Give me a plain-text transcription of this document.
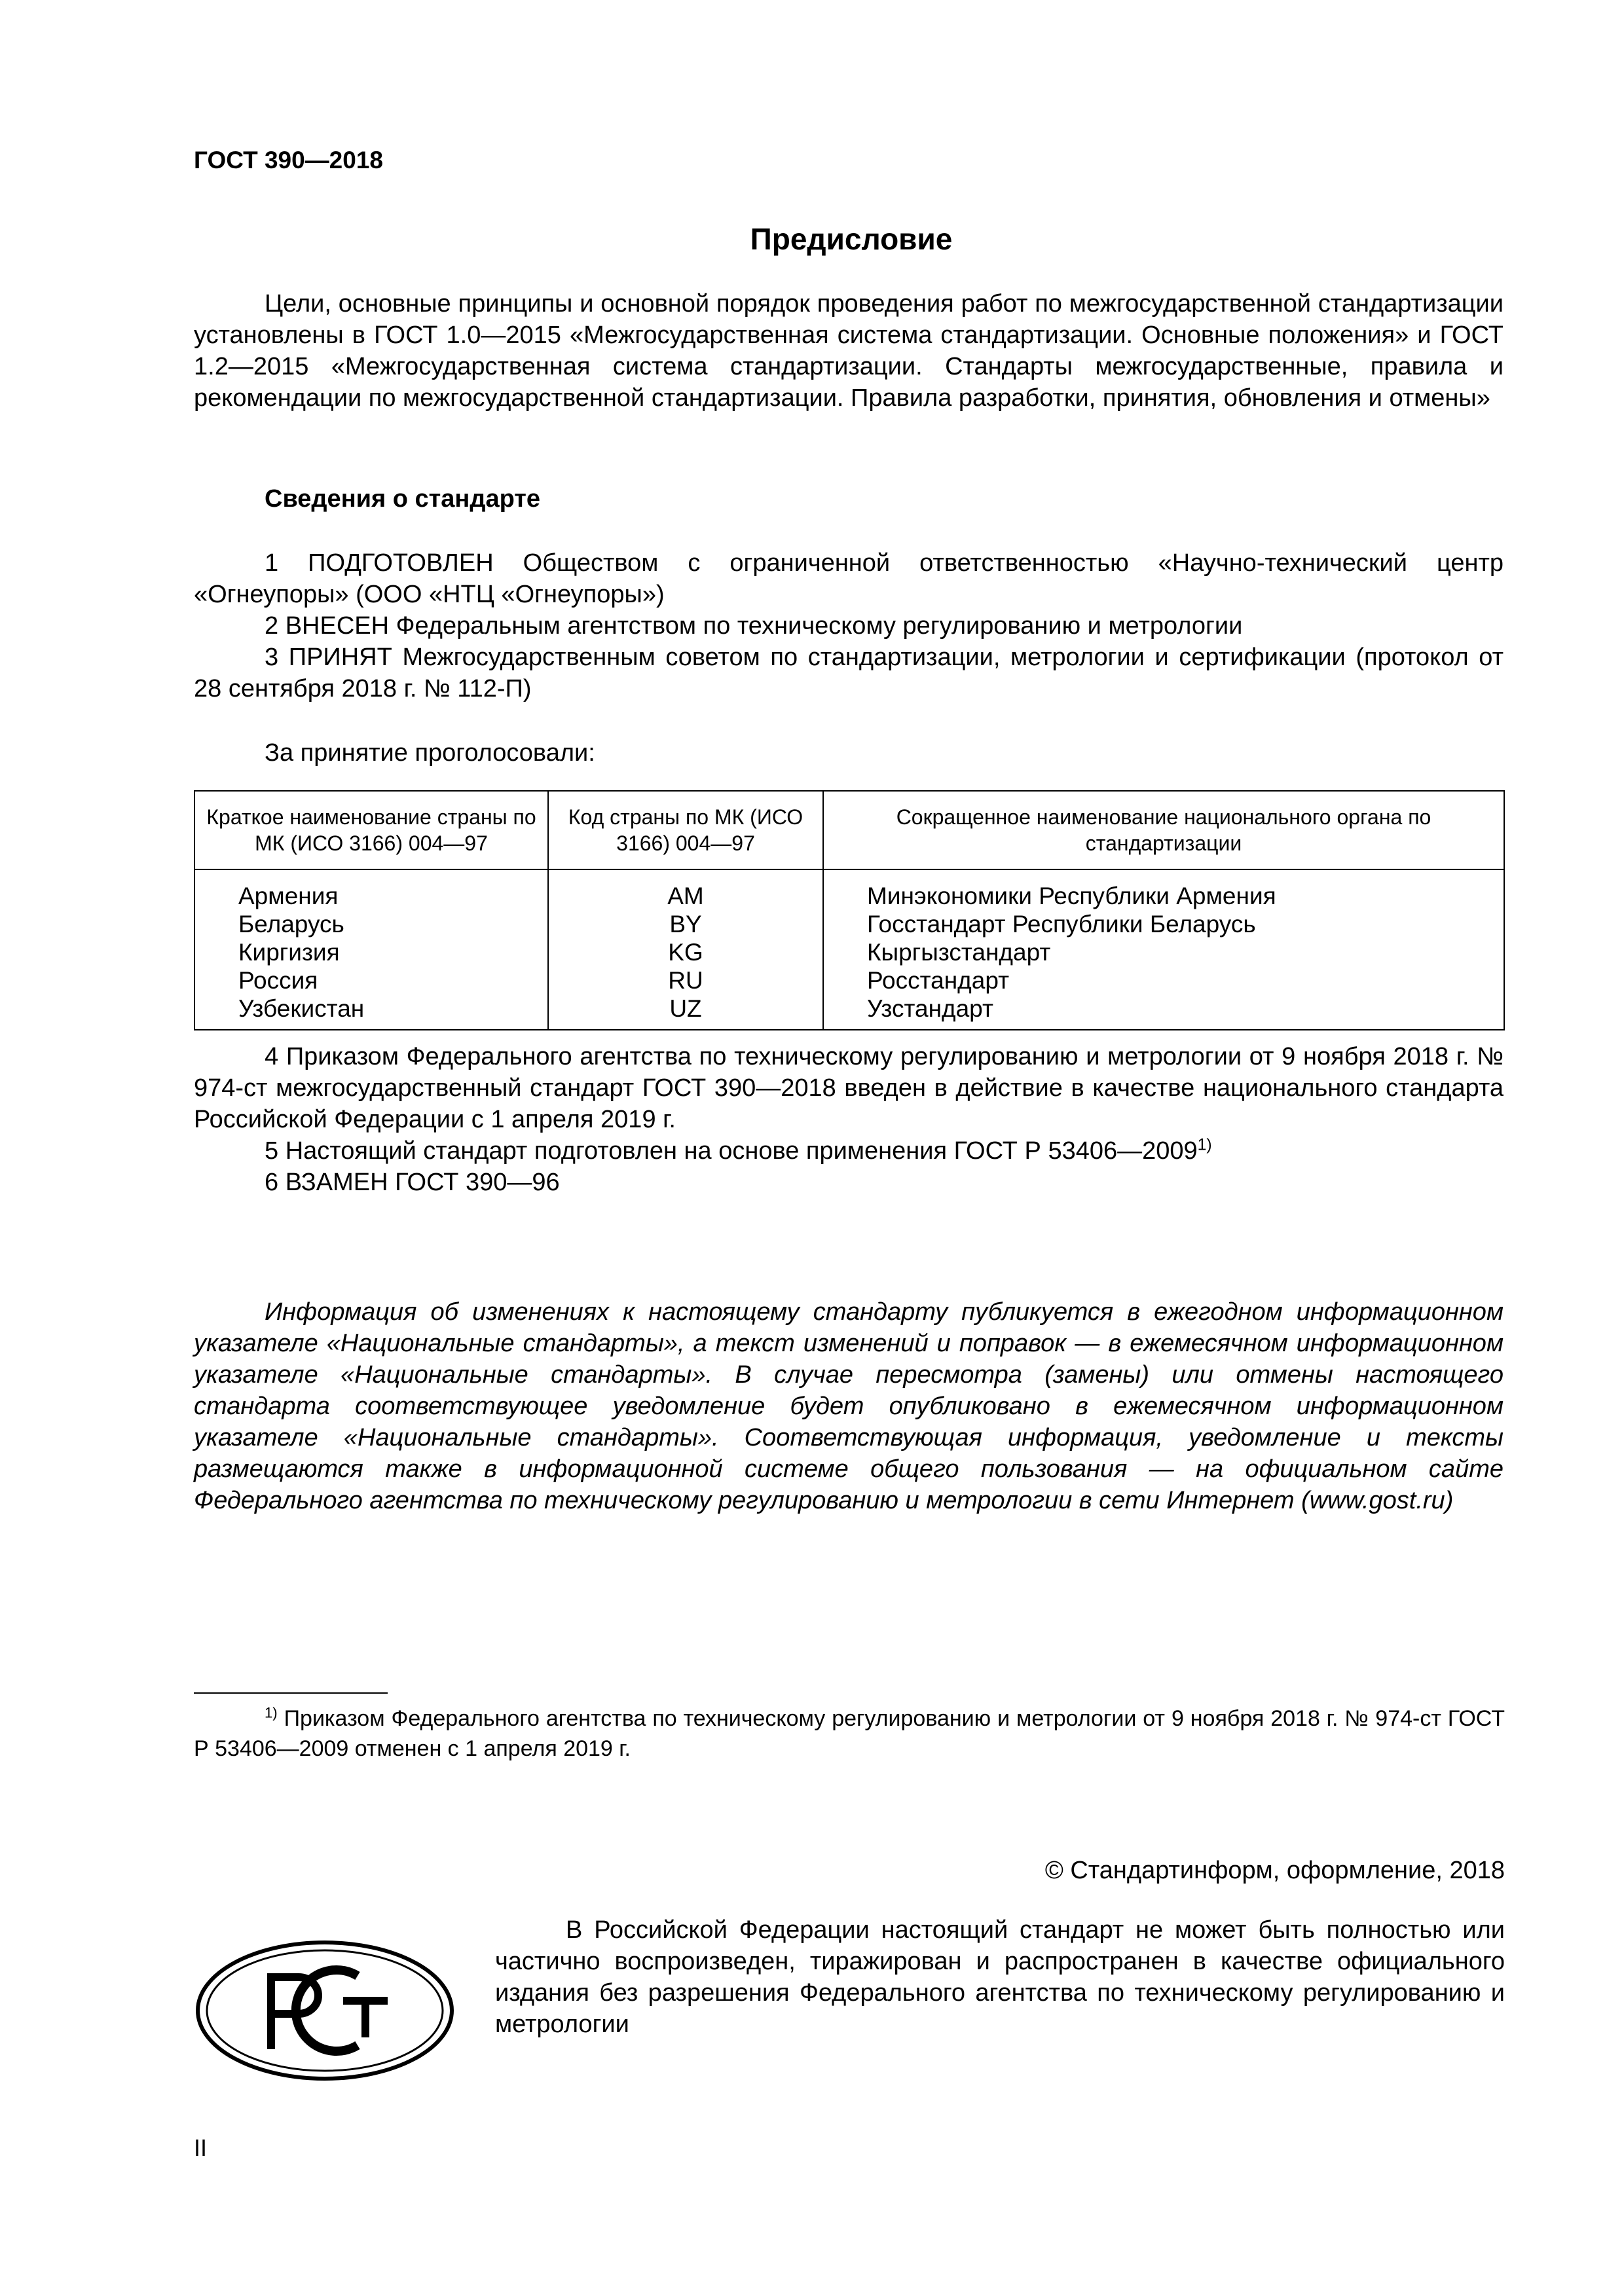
ГОСТ 390—2018
Предисловие

Цели, основные принципы и основной порядок проведения работ по межгосударственной стандартизации установлены в ГОСТ 1.0—2015 «Межгосударственная система стандартизации. Основные положения» и ГОСТ 1.2—2015 «Межгосударственная система стандартизации. Стандарты межгосударственные, правила и рекомендации по межгосударственной стандартизации. Правила разработки, принятия, обновления и отмены»

Сведения о стандарте

1 ПОДГОТОВЛЕН Обществом с ограниченной ответственностью «Научно-технический центр «Огнеупоры» (ООО «НТЦ «Огнеупоры»)

2 ВНЕСЕН Федеральным агентством по техническому регулированию и метрологии

3 ПРИНЯТ Межгосударственным советом по стандартизации, метрологии и сертификации (протокол от 28 сентября 2018 г. № 112-П)

За принятие проголосовали:

Краткое наименование страны по МК (ИСО 3166) 004—97	Код страны по МК (ИСО 3166) 004—97	Сокращенное наименование национального органа по стандартизации
Армения	AM	Минэкономики Республики Армения
Беларусь	BY	Госстандарт Республики Беларусь
Киргизия	KG	Кыргызстандарт
Россия	RU	Росстандарт
Узбекистан	UZ	Узстандарт

4 Приказом Федерального агентства по техническому регулированию и метрологии от 9 ноября 2018 г. № 974-ст межгосударственный стандарт ГОСТ 390—2018 введен в действие в качестве национального стандарта Российской Федерации с 1 апреля 2019 г.

5 Настоящий стандарт подготовлен на основе применения ГОСТ Р 53406—2009$^{1)}$

6 ВЗАМЕН ГОСТ 390—96

Информация об изменениях к настоящему стандарту публикуется в ежегодном информационном указателе «Национальные стандарты», а текст изменений и поправок — в ежемесячном информационном указателе «Национальные стандарты». В случае пересмотра (замены) или отмены настоящего стандарта соответствующее уведомление будет опубликовано в ежемесячном информационном указателе «Национальные стандарты». Соответствующая информация, уведомление и тексты размещаются также в информационной системе общего пользования — на официальном сайте Федерального агентства по техническому регулированию и метрологии в сети Интернет (www.gost.ru)

$^{1)}$ Приказом Федерального агентства по техническому регулированию и метрологии от 9 ноября 2018 г. № 974-ст ГОСТ Р 53406—2009 отменен с 1 апреля 2019 г.

© Стандартинформ, оформление, 2018

В Российской Федерации настоящий стандарт не может быть полностью или частично воспроизведен, тиражирован и распространен в качестве официального издания без разрешения Федерального агентства по техническому регулированию и метрологии

II
